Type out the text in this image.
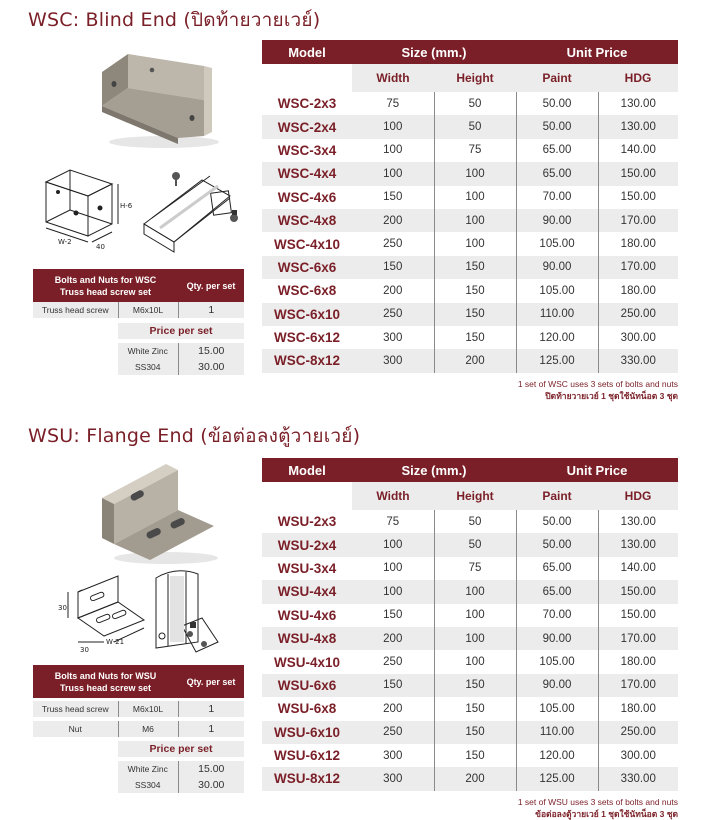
WSC: Blind End (ปิดท้ายวายเวย์)
H-6
W-2
40
Bolts and Nuts for WSC
Truss head screw set		Qty. per set
Truss head screw	M6x10L	1

	Price per set	

	White Zinc	15.00
	SS304	30.00
Model	Size (mm.)		Unit Price	
	Width	Height	Paint	HDG
WSC-2x3	75	50	50.00	130.00
WSC-2x4	100	50	50.00	130.00
WSC-3x4	100	75	65.00	140.00
WSC-4x4	100	100	65.00	150.00
WSC-4x6	150	100	70.00	150.00
WSC-4x8	200	100	90.00	170.00
WSC-4x10	250	100	105.00	180.00
WSC-6x6	150	150	90.00	170.00
WSC-6x8	200	150	105.00	180.00
WSC-6x10	250	150	110.00	250.00
WSC-6x12	300	150	120.00	300.00
WSC-8x12	300	200	125.00	330.00
1 set of WSC uses 3 sets of bolts and nuts
ปิดท้ายวายเวย์ 1 ชุดใช้นัทน็อต 3 ชุด
WSU: Flange End (ข้อต่อลงตู้วายเวย์)
30
W-21
30
Bolts and Nuts for WSU
Truss head screw set		Qty. per set

Truss head screw	M6x10L	1

Nut	M6	1

	Price per set	

	White Zinc	15.00
	SS304	30.00
Model	Size (mm.)		Unit Price	
	Width	Height	Paint	HDG
WSU-2x3	75	50	50.00	130.00
WSU-2x4	100	50	50.00	130.00
WSU-3x4	100	75	65.00	140.00
WSU-4x4	100	100	65.00	150.00
WSU-4x6	150	100	70.00	150.00
WSU-4x8	200	100	90.00	170.00
WSU-4x10	250	100	105.00	180.00
WSU-6x6	150	150	90.00	170.00
WSU-6x8	200	150	105.00	180.00
WSU-6x10	250	150	110.00	250.00
WSU-6x12	300	150	120.00	300.00
WSU-8x12	300	200	125.00	330.00
1 set of WSU uses 3 sets of bolts and nuts
ข้อต่อลงตู้วายเวย์ 1 ชุดใช้นัทน็อต 3 ชุด
